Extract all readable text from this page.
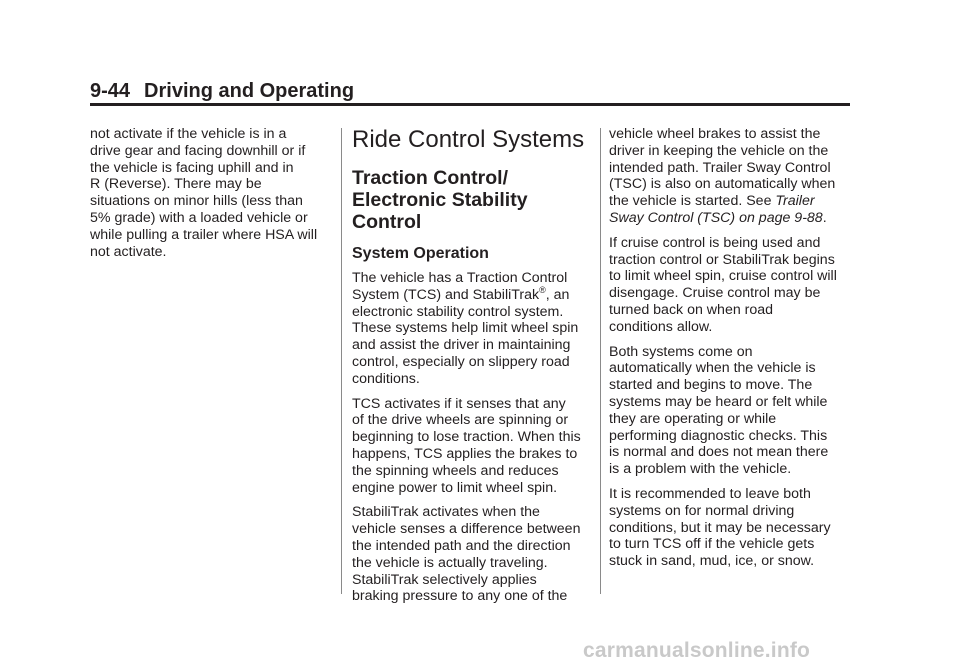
9-44 Driving and Operating

not activate if the vehicle is in a
drive gear and facing downhill or if
the vehicle is facing uphill and in
R (Reverse). There may be
situations on minor hills (less than
5% grade) with a loaded vehicle or
while pulling a trailer where HSA will
not activate.

Ride Control Systems
Traction Control/
Electronic Stability
Control
System Operation

The vehicle has a Traction Control
System (TCS) and StabiliTrak®, an
electronic stability control system.
These systems help limit wheel spin
and assist the driver in maintaining
control, especially on slippery road
conditions.

TCS activates if it senses that any
of the drive wheels are spinning or
beginning to lose traction. When this
happens, TCS applies the brakes to
the spinning wheels and reduces
engine power to limit wheel spin.

StabiliTrak activates when the
vehicle senses a difference between
the intended path and the direction
the vehicle is actually traveling.
StabiliTrak selectively applies
braking pressure to any one of the

vehicle wheel brakes to assist the
driver in keeping the vehicle on the
intended path. Trailer Sway Control
(TSC) is also on automatically when
the vehicle is started. See Trailer
Sway Control (TSC) on page 9-88.

If cruise control is being used and
traction control or StabiliTrak begins
to limit wheel spin, cruise control will
disengage. Cruise control may be
turned back on when road
conditions allow.

Both systems come on
automatically when the vehicle is
started and begins to move. The
systems may be heard or felt while
they are operating or while
performing diagnostic checks. This
is normal and does not mean there
is a problem with the vehicle.

It is recommended to leave both
systems on for normal driving
conditions, but it may be necessary
to turn TCS off if the vehicle gets
stuck in sand, mud, ice, or snow.

carmanualsonline.info
